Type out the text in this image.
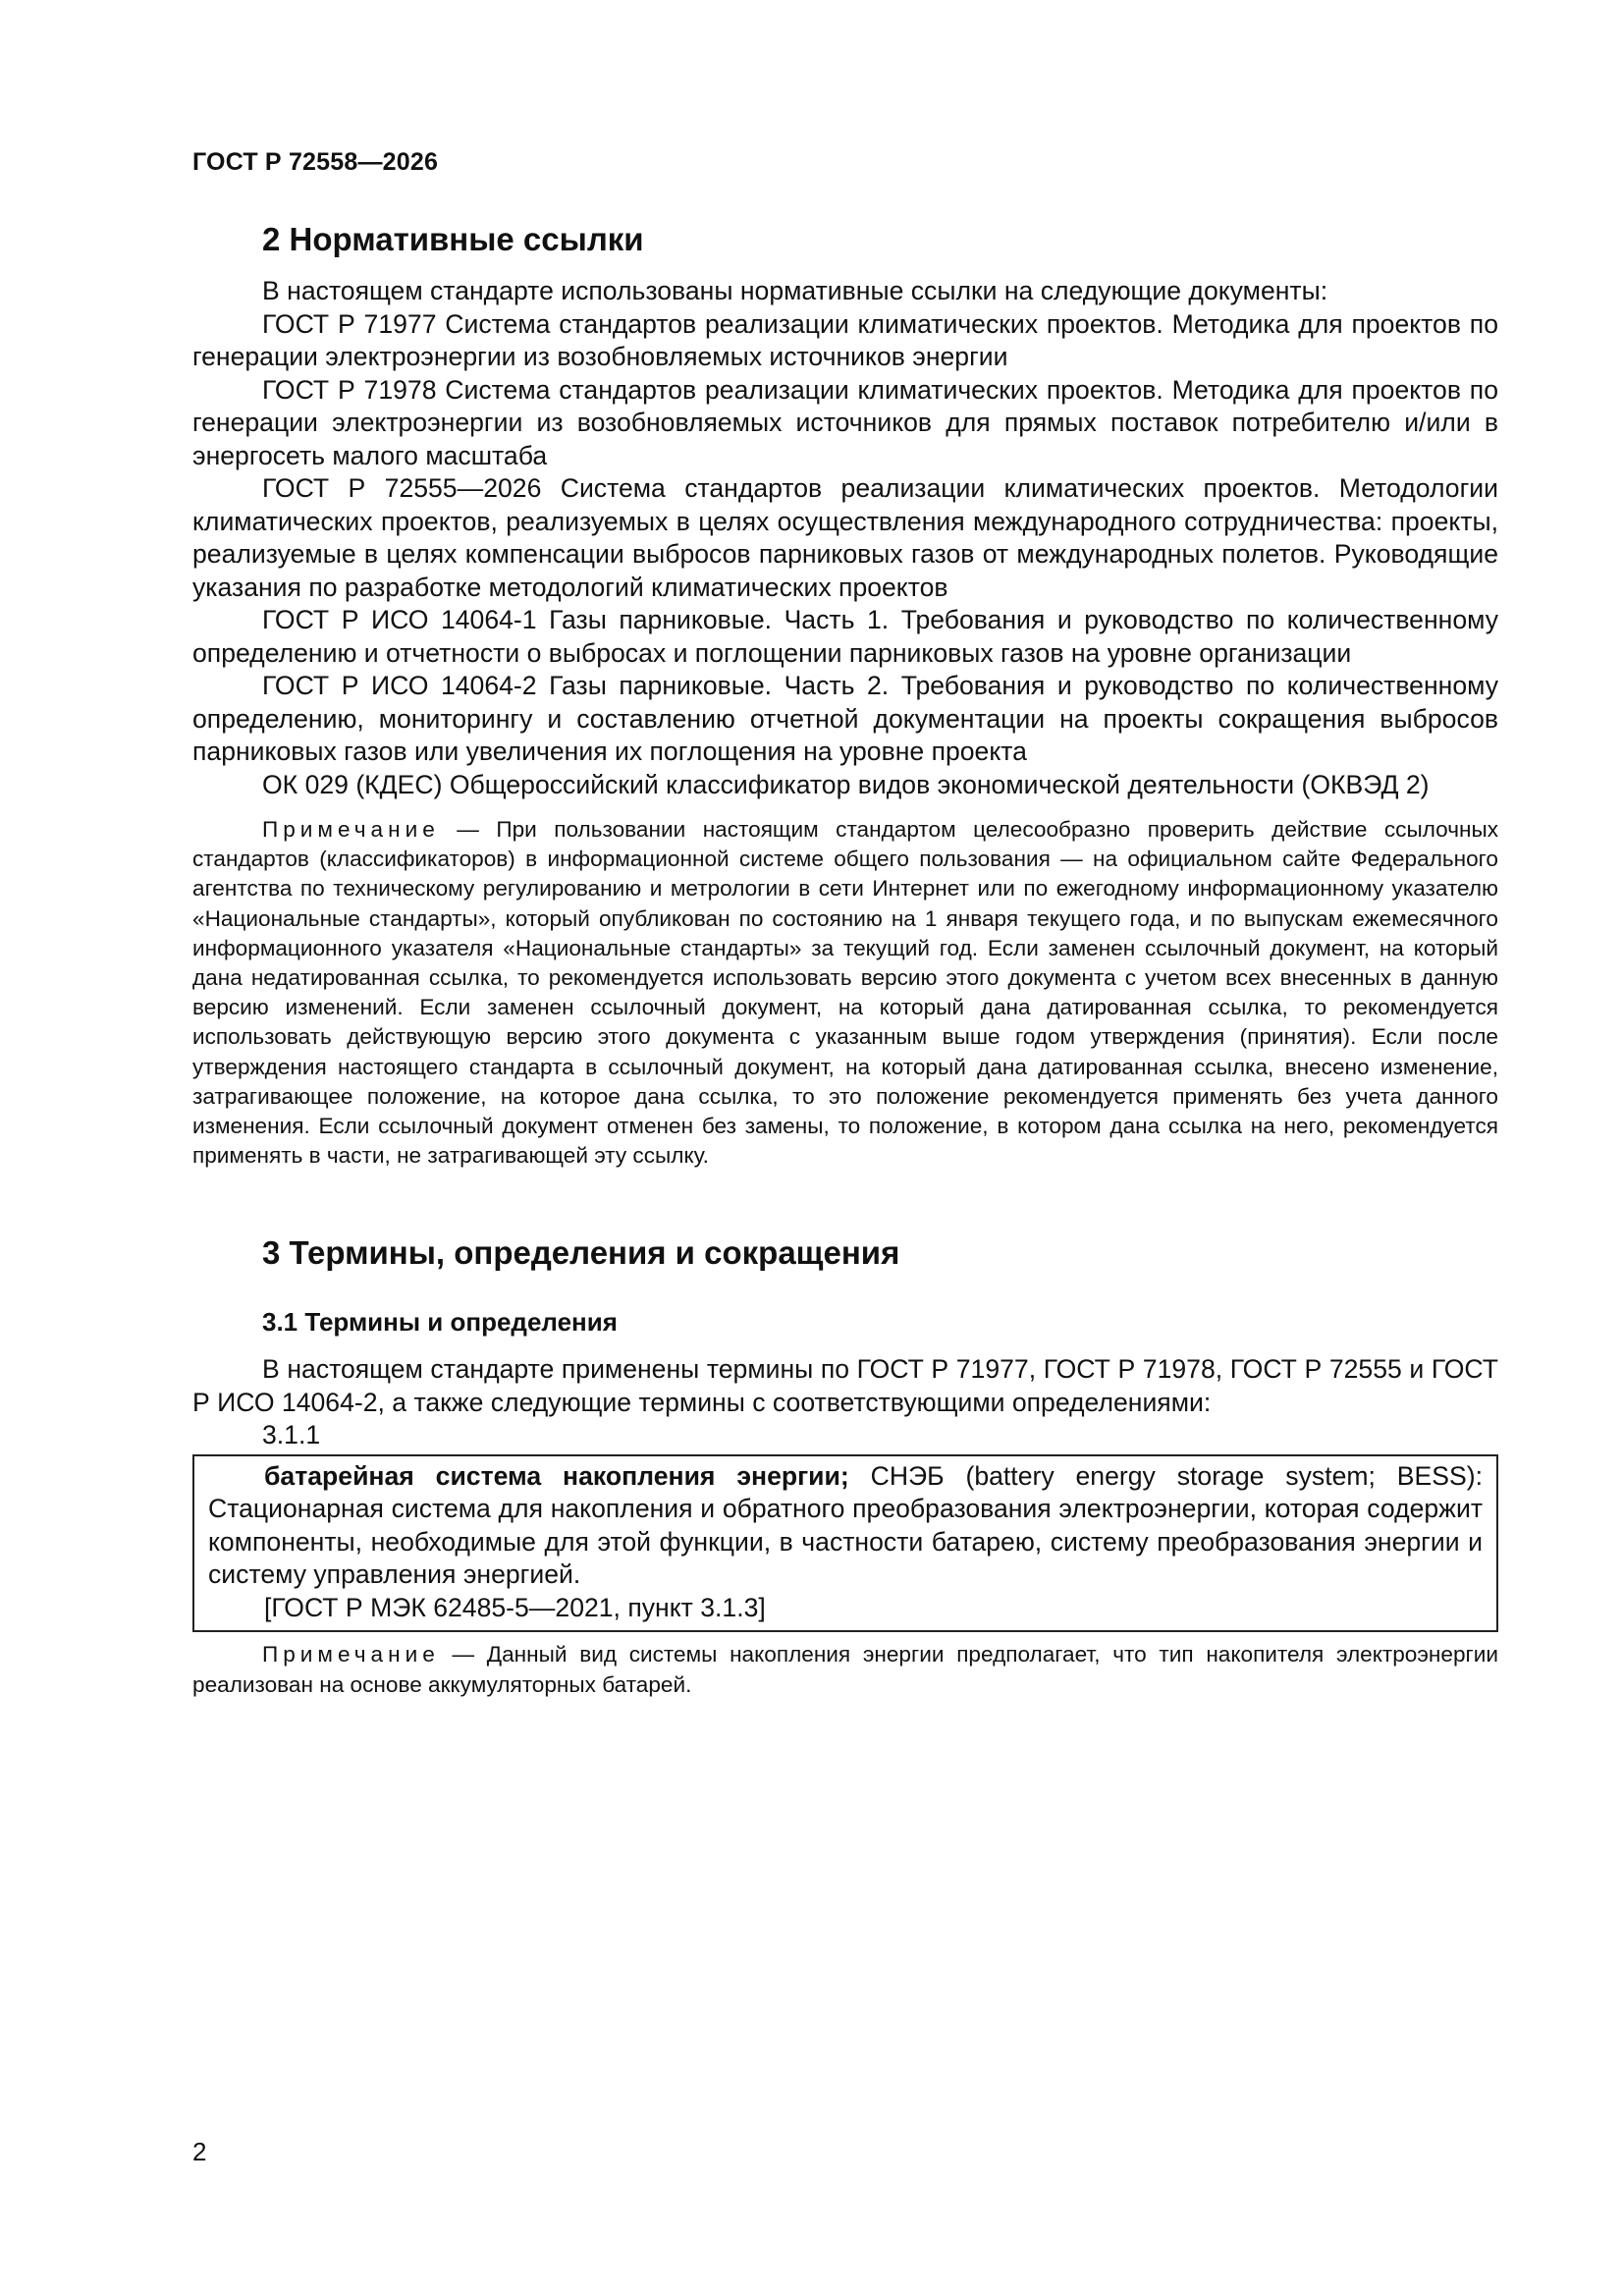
ГОСТ Р 72558—2026
2 Нормативные ссылки

В настоящем стандарте использованы нормативные ссылки на следующие документы:

ГОСТ Р 71977 Система стандартов реализации климатических проектов. Методика для проектов по генерации электроэнергии из возобновляемых источников энергии

ГОСТ Р 71978 Система стандартов реализации климатических проектов. Методика для проектов по генерации электроэнергии из возобновляемых источников для прямых поставок потребителю и/или в энергосеть малого масштаба

ГОСТ Р 72555—2026 Система стандартов реализации климатических проектов. Методологии климатических проектов, реализуемых в целях осуществления международного сотрудничества: проекты, реализуемые в целях компенсации выбросов парниковых газов от международных полетов. Руководящие указания по разработке методологий климатических проектов

ГОСТ Р ИСО 14064-1 Газы парниковые. Часть 1. Требования и руководство по количественному определению и отчетности о выбросах и поглощении парниковых газов на уровне организации

ГОСТ Р ИСО 14064-2 Газы парниковые. Часть 2. Требования и руководство по количественному определению, мониторингу и составлению отчетной документации на проекты сокращения выбросов парниковых газов или увеличения их поглощения на уровне проекта

ОК 029 (КДЕС) Общероссийский классификатор видов экономической деятельности (ОКВЭД 2)

Примечание — При пользовании настоящим стандартом целесообразно проверить действие ссылочных стандартов (классификаторов) в информационной системе общего пользования — на официальном сайте Федерального агентства по техническому регулированию и метрологии в сети Интернет или по ежегодному информационному указателю «Национальные стандарты», который опубликован по состоянию на 1 января текущего года, и по выпускам ежемесячного информационного указателя «Национальные стандарты» за текущий год. Если заменен ссылочный документ, на который дана недатированная ссылка, то рекомендуется использовать версию этого документа с учетом всех внесенных в данную версию изменений. Если заменен ссылочный документ, на который дана датированная ссылка, то рекомендуется использовать действующую версию этого документа с указанным выше годом утверждения (принятия). Если после утверждения настоящего стандарта в ссылочный документ, на который дана датированная ссылка, внесено изменение, затрагивающее положение, на которое дана ссылка, то это положение рекомендуется применять без учета данного изменения. Если ссылочный документ отменен без замены, то положение, в котором дана ссылка на него, рекомендуется применять в части, не затрагивающей эту ссылку.

3 Термины, определения и сокращения
3.1 Термины и определения

В настоящем стандарте применены термины по ГОСТ Р 71977, ГОСТ Р 71978, ГОСТ Р 72555 и ГОСТ Р ИСО 14064-2, а также следующие термины с соответствующими определениями:

3.1.1

батарейная система накопления энергии; СНЭБ (battery energy storage system; BESS): Стационарная система для накопления и обратного преобразования электроэнергии, которая содержит компоненты, необходимые для этой функции, в частности батарею, систему преобразования энергии и систему управления энергией.

[ГОСТ Р МЭК 62485-5—2021, пункт 3.1.3]

Примечание — Данный вид системы накопления энергии предполагает, что тип накопителя электроэнергии реализован на основе аккумуляторных батарей.

2
